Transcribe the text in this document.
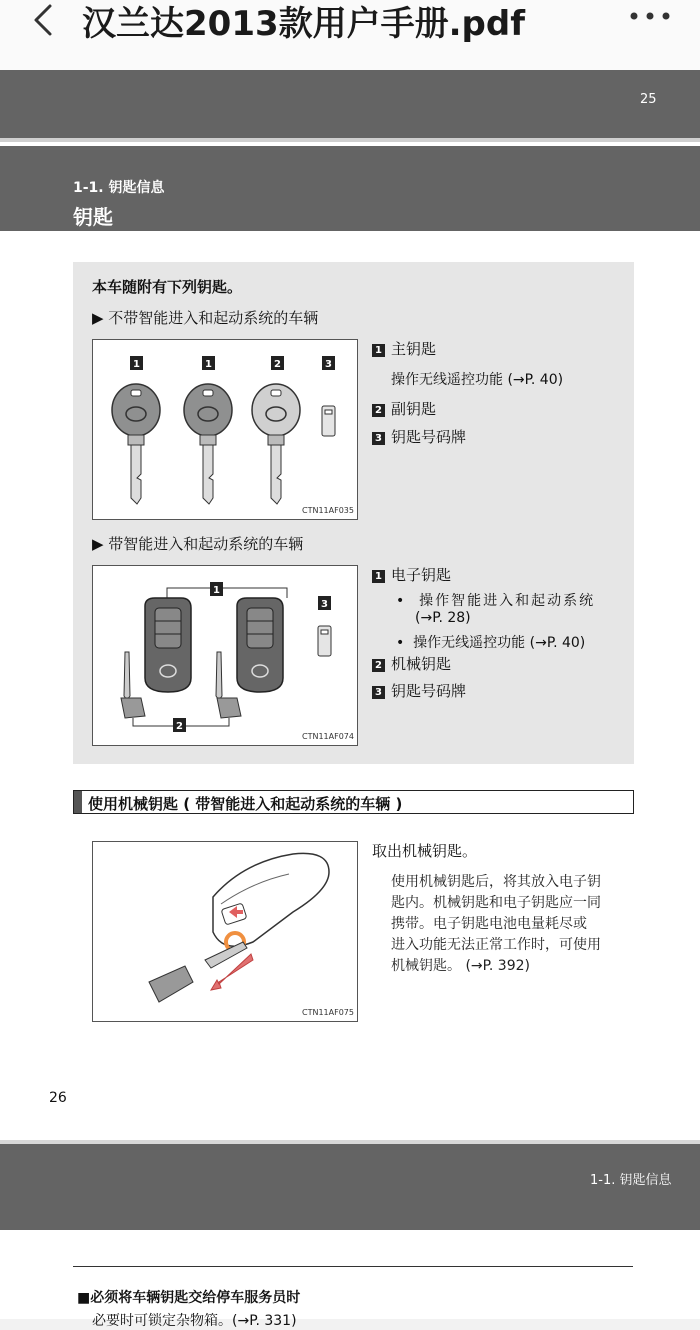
汉兰达2013款用户手册.pdf
25
1-1. 钥匙信息
钥匙
本车随附有下列钥匙。
▶ 不带智能进入和起动系统的车辆
1	1	2	3
CTN11AF035
1 主钥匙
操作无线遥控功能 (→P. 40)
2 副钥匙
3 钥匙号码牌
▶ 带智能进入和起动系统的车辆
1
2
3
CTN11AF074
1 电子钥匙
•  操作智能进入和起动系统
(→P. 28)
•  操作无线遥控功能 (→P. 40)
2 机械钥匙
3 钥匙号码牌
使用机械钥匙 ( 带智能进入和起动系统的车辆 )
CTN11AF075
取出机械钥匙。
使用机械钥匙后，将其放入电子钥
匙内。机械钥匙和电子钥匙应一同
携带。电子钥匙电池电量耗尽或
进入功能无法正常工作时，可使用
机械钥匙。 (→P. 392)
26
1-1. 钥匙信息
■必须将车辆钥匙交给停车服务员时
必要时可锁定杂物箱。(→P. 331)
